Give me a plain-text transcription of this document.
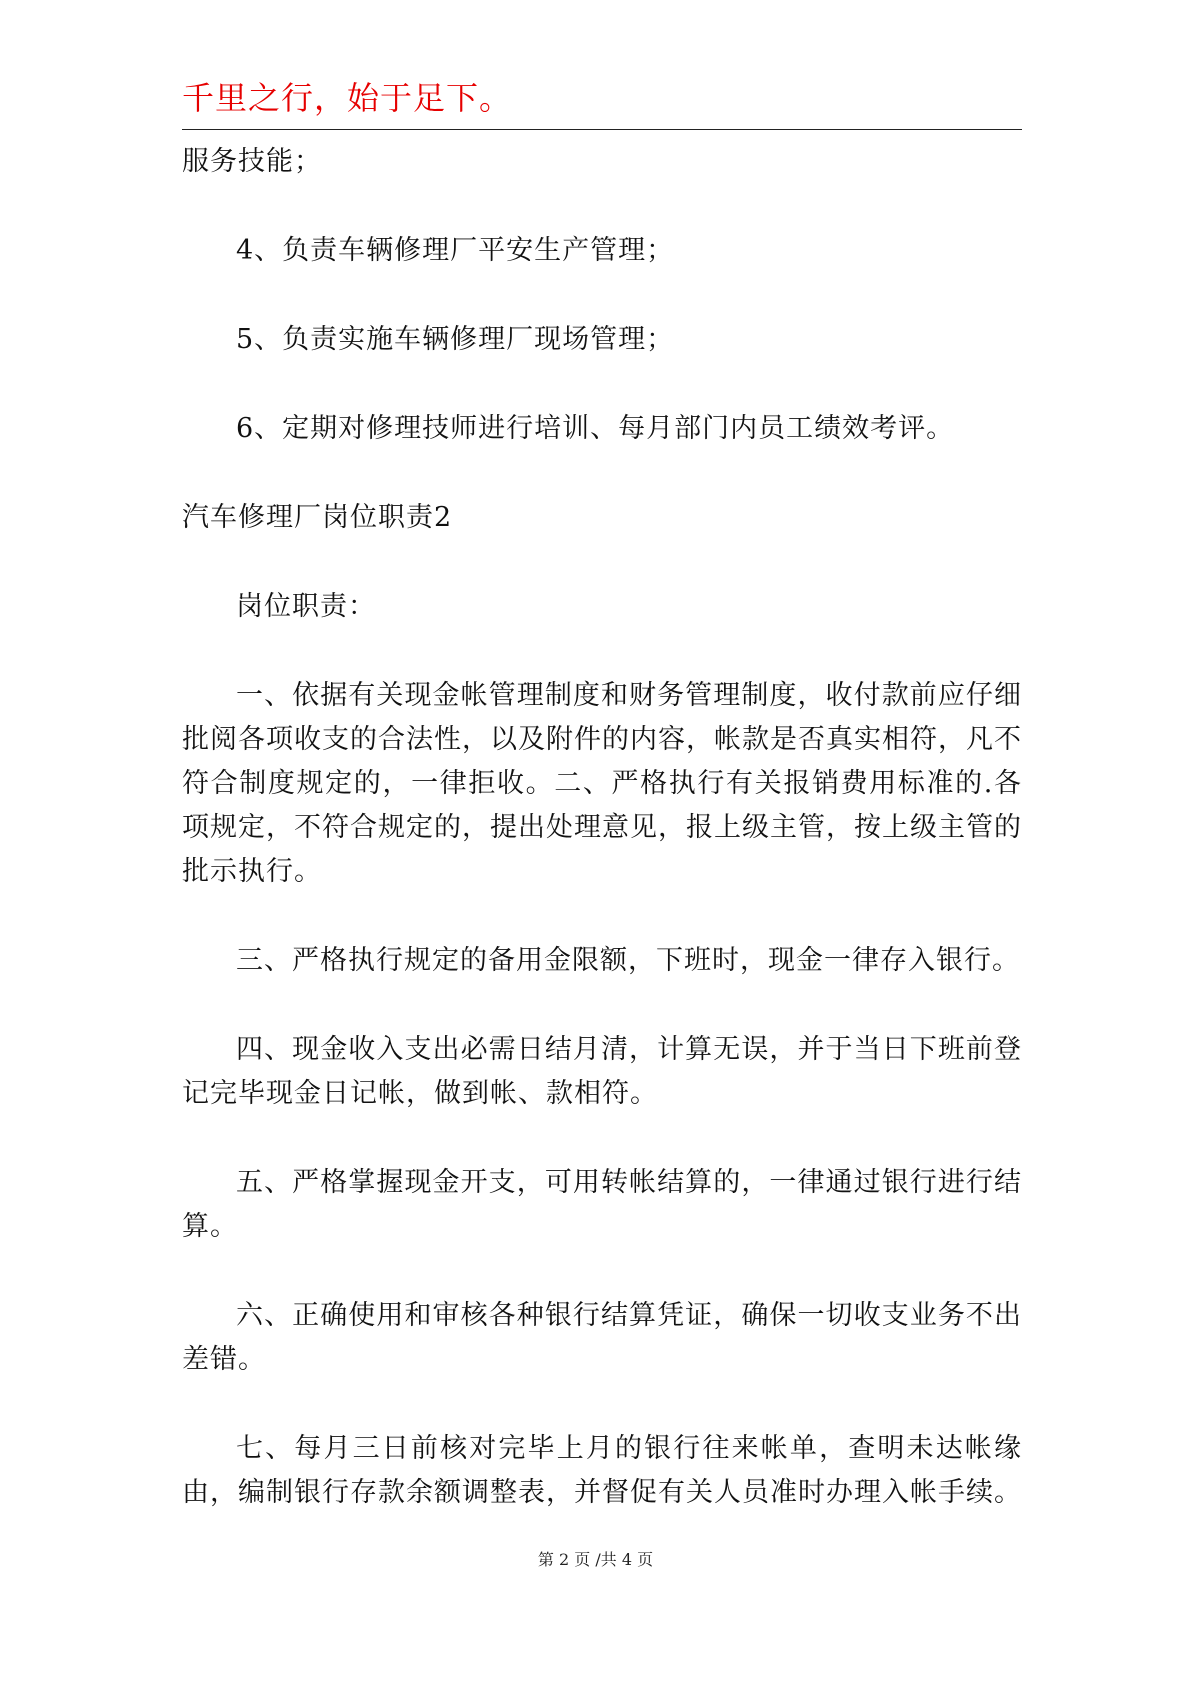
千里之行，始于足下。

服务技能；

4、负责车辆修理厂平安生产管理；

5、负责实施车辆修理厂现场管理；

6、定期对修理技师进行培训、每月部门内员工绩效考评。

汽车修理厂岗位职责2

岗位职责：

一、依据有关现金帐管理制度和财务管理制度，收付款前应仔细批阅各项收支的合法性，以及附件的内容，帐款是否真实相符，凡不符合制度规定的，一律拒收。二、严格执行有关报销费用标准的.各项规定，不符合规定的，提出处理意见，报上级主管，按上级主管的批示执行。

三、严格执行规定的备用金限额，下班时，现金一律存入银行。

四、现金收入支出必需日结月清，计算无误，并于当日下班前登记完毕现金日记帐，做到帐、款相符。

五、严格掌握现金开支，可用转帐结算的，一律通过银行进行结算。

六、正确使用和审核各种银行结算凭证，确保一切收支业务不出差错。

七、每月三日前核对完毕上月的银行往来帐单，查明未达帐缘由，编制银行存款余额调整表，并督促有关人员准时办理入帐手续。

第 2 页 /共 4 页
